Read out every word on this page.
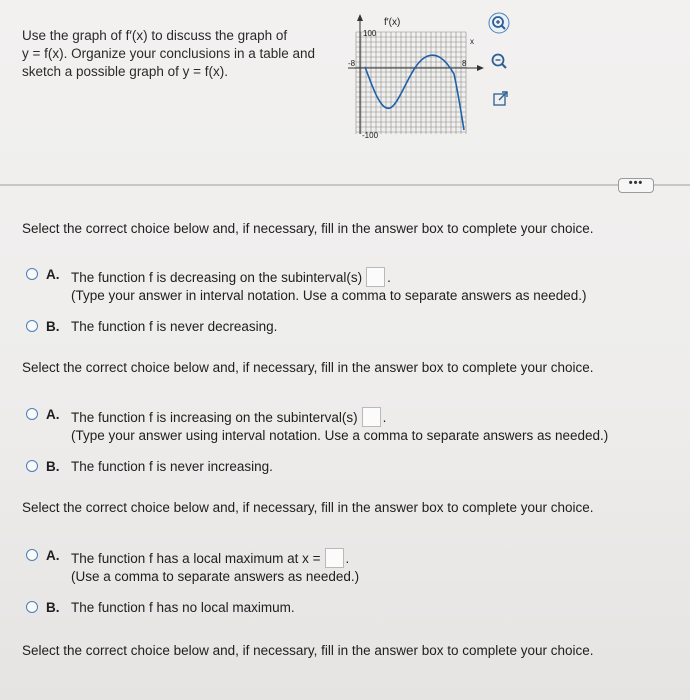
Use the graph of f′(x) to discuss the graph of
y = f(x). Organize your conclusions in a table and
sketch a possible graph of y = f(x).
f′(x)
x
100
-100
-8	8
•••
Select the correct choice below and, if necessary, fill in the answer box to complete your choice.
A. The function f is decreasing on the subinterval(s) .
(Type your answer in interval notation. Use a comma to separate answers as needed.)
B. The function f is never decreasing.
Select the correct choice below and, if necessary, fill in the answer box to complete your choice.
A. The function f is increasing on the subinterval(s) .
(Type your answer using interval notation. Use a comma to separate answers as needed.)
B. The function f is never increasing.
Select the correct choice below and, if necessary, fill in the answer box to complete your choice.
A. The function f has a local maximum at x = .
(Use a comma to separate answers as needed.)
B. The function f has no local maximum.
Select the correct choice below and, if necessary, fill in the answer box to complete your choice.
